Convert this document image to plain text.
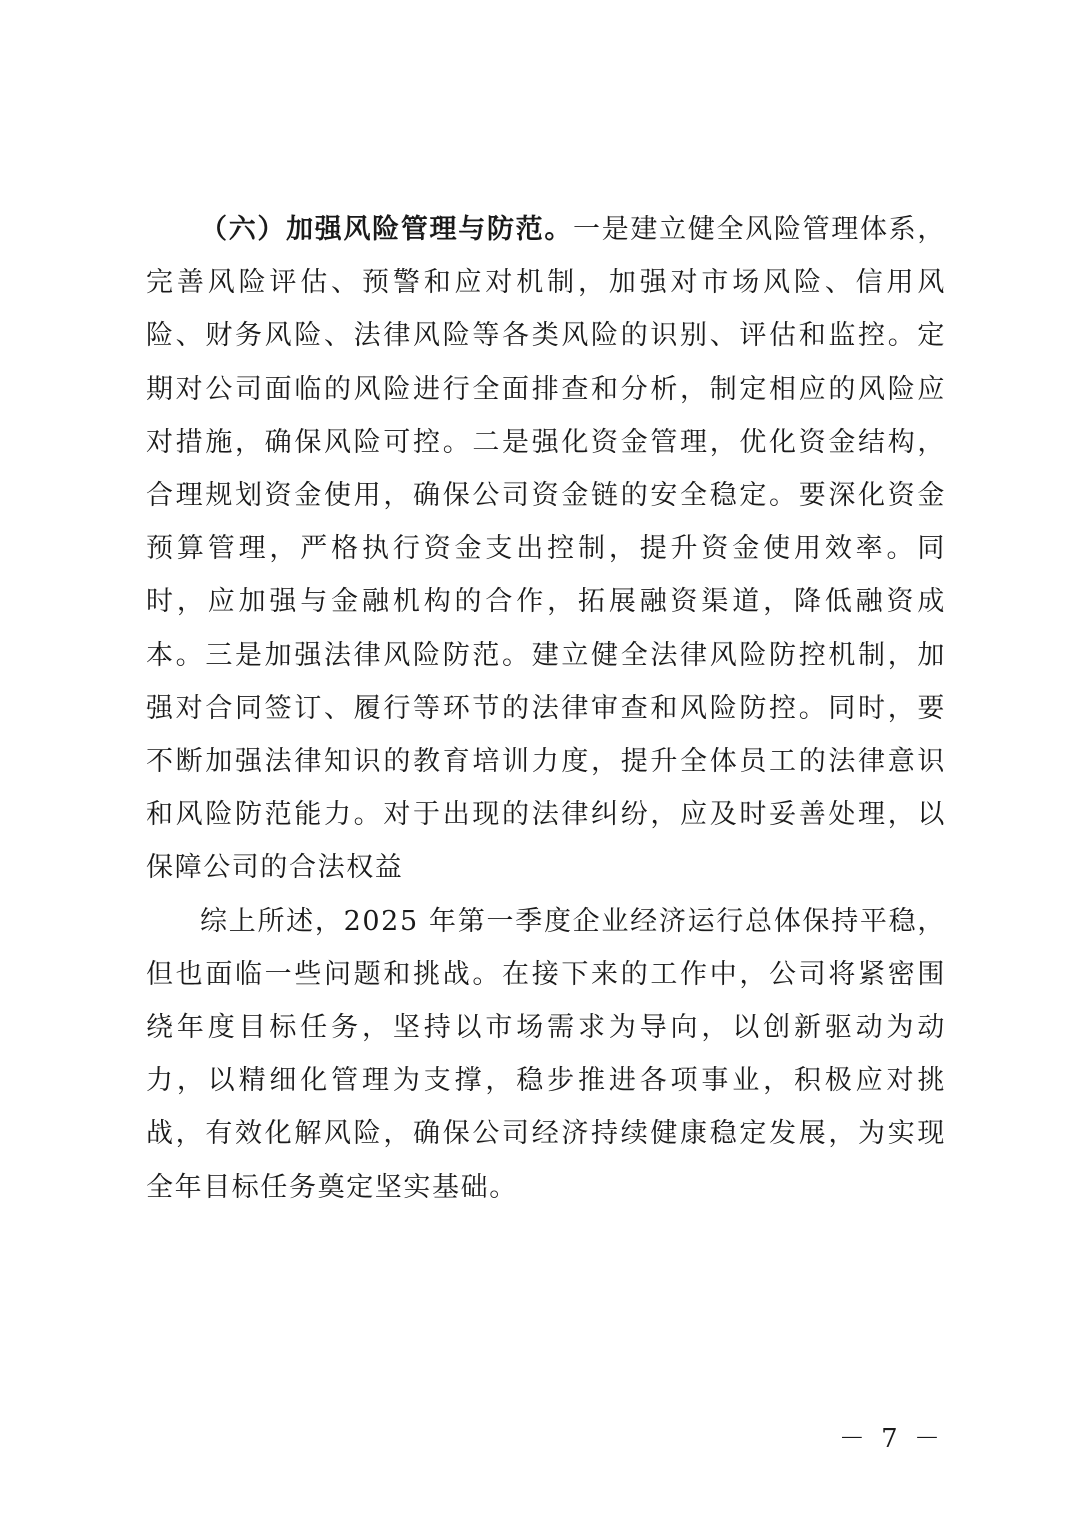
（六）加强风险管理与防范。一是建立健全风险管理体系，完善风险评估、预警和应对机制，加强对市场风险、信用风险、财务风险、法律风险等各类风险的识别、评估和监控。定期对公司面临的风险进行全面排查和分析，制定相应的风险应对措施，确保风险可控。二是强化资金管理，优化资金结构，合理规划资金使用，确保公司资金链的安全稳定。要深化资金预算管理，严格执行资金支出控制，提升资金使用效率。同时，应加强与金融机构的合作，拓展融资渠道，降低融资成本。三是加强法律风险防范。建立健全法律风险防控机制，加强对合同签订、履行等环节的法律审查和风险防控。同时，要不断加强法律知识的教育培训力度，提升全体员工的法律意识和风险防范能力。对于出现的法律纠纷，应及时妥善处理，以保障公司的合法权益

综上所述，2025 年第一季度企业经济运行总体保持平稳，但也面临一些问题和挑战。在接下来的工作中，公司将紧密围绕年度目标任务，坚持以市场需求为导向，以创新驱动为动力，以精细化管理为支撑，稳步推进各项事业，积极应对挑战，有效化解风险，确保公司经济持续健康稳定发展，为实现全年目标任务奠定坚实基础。

－ 7 －
